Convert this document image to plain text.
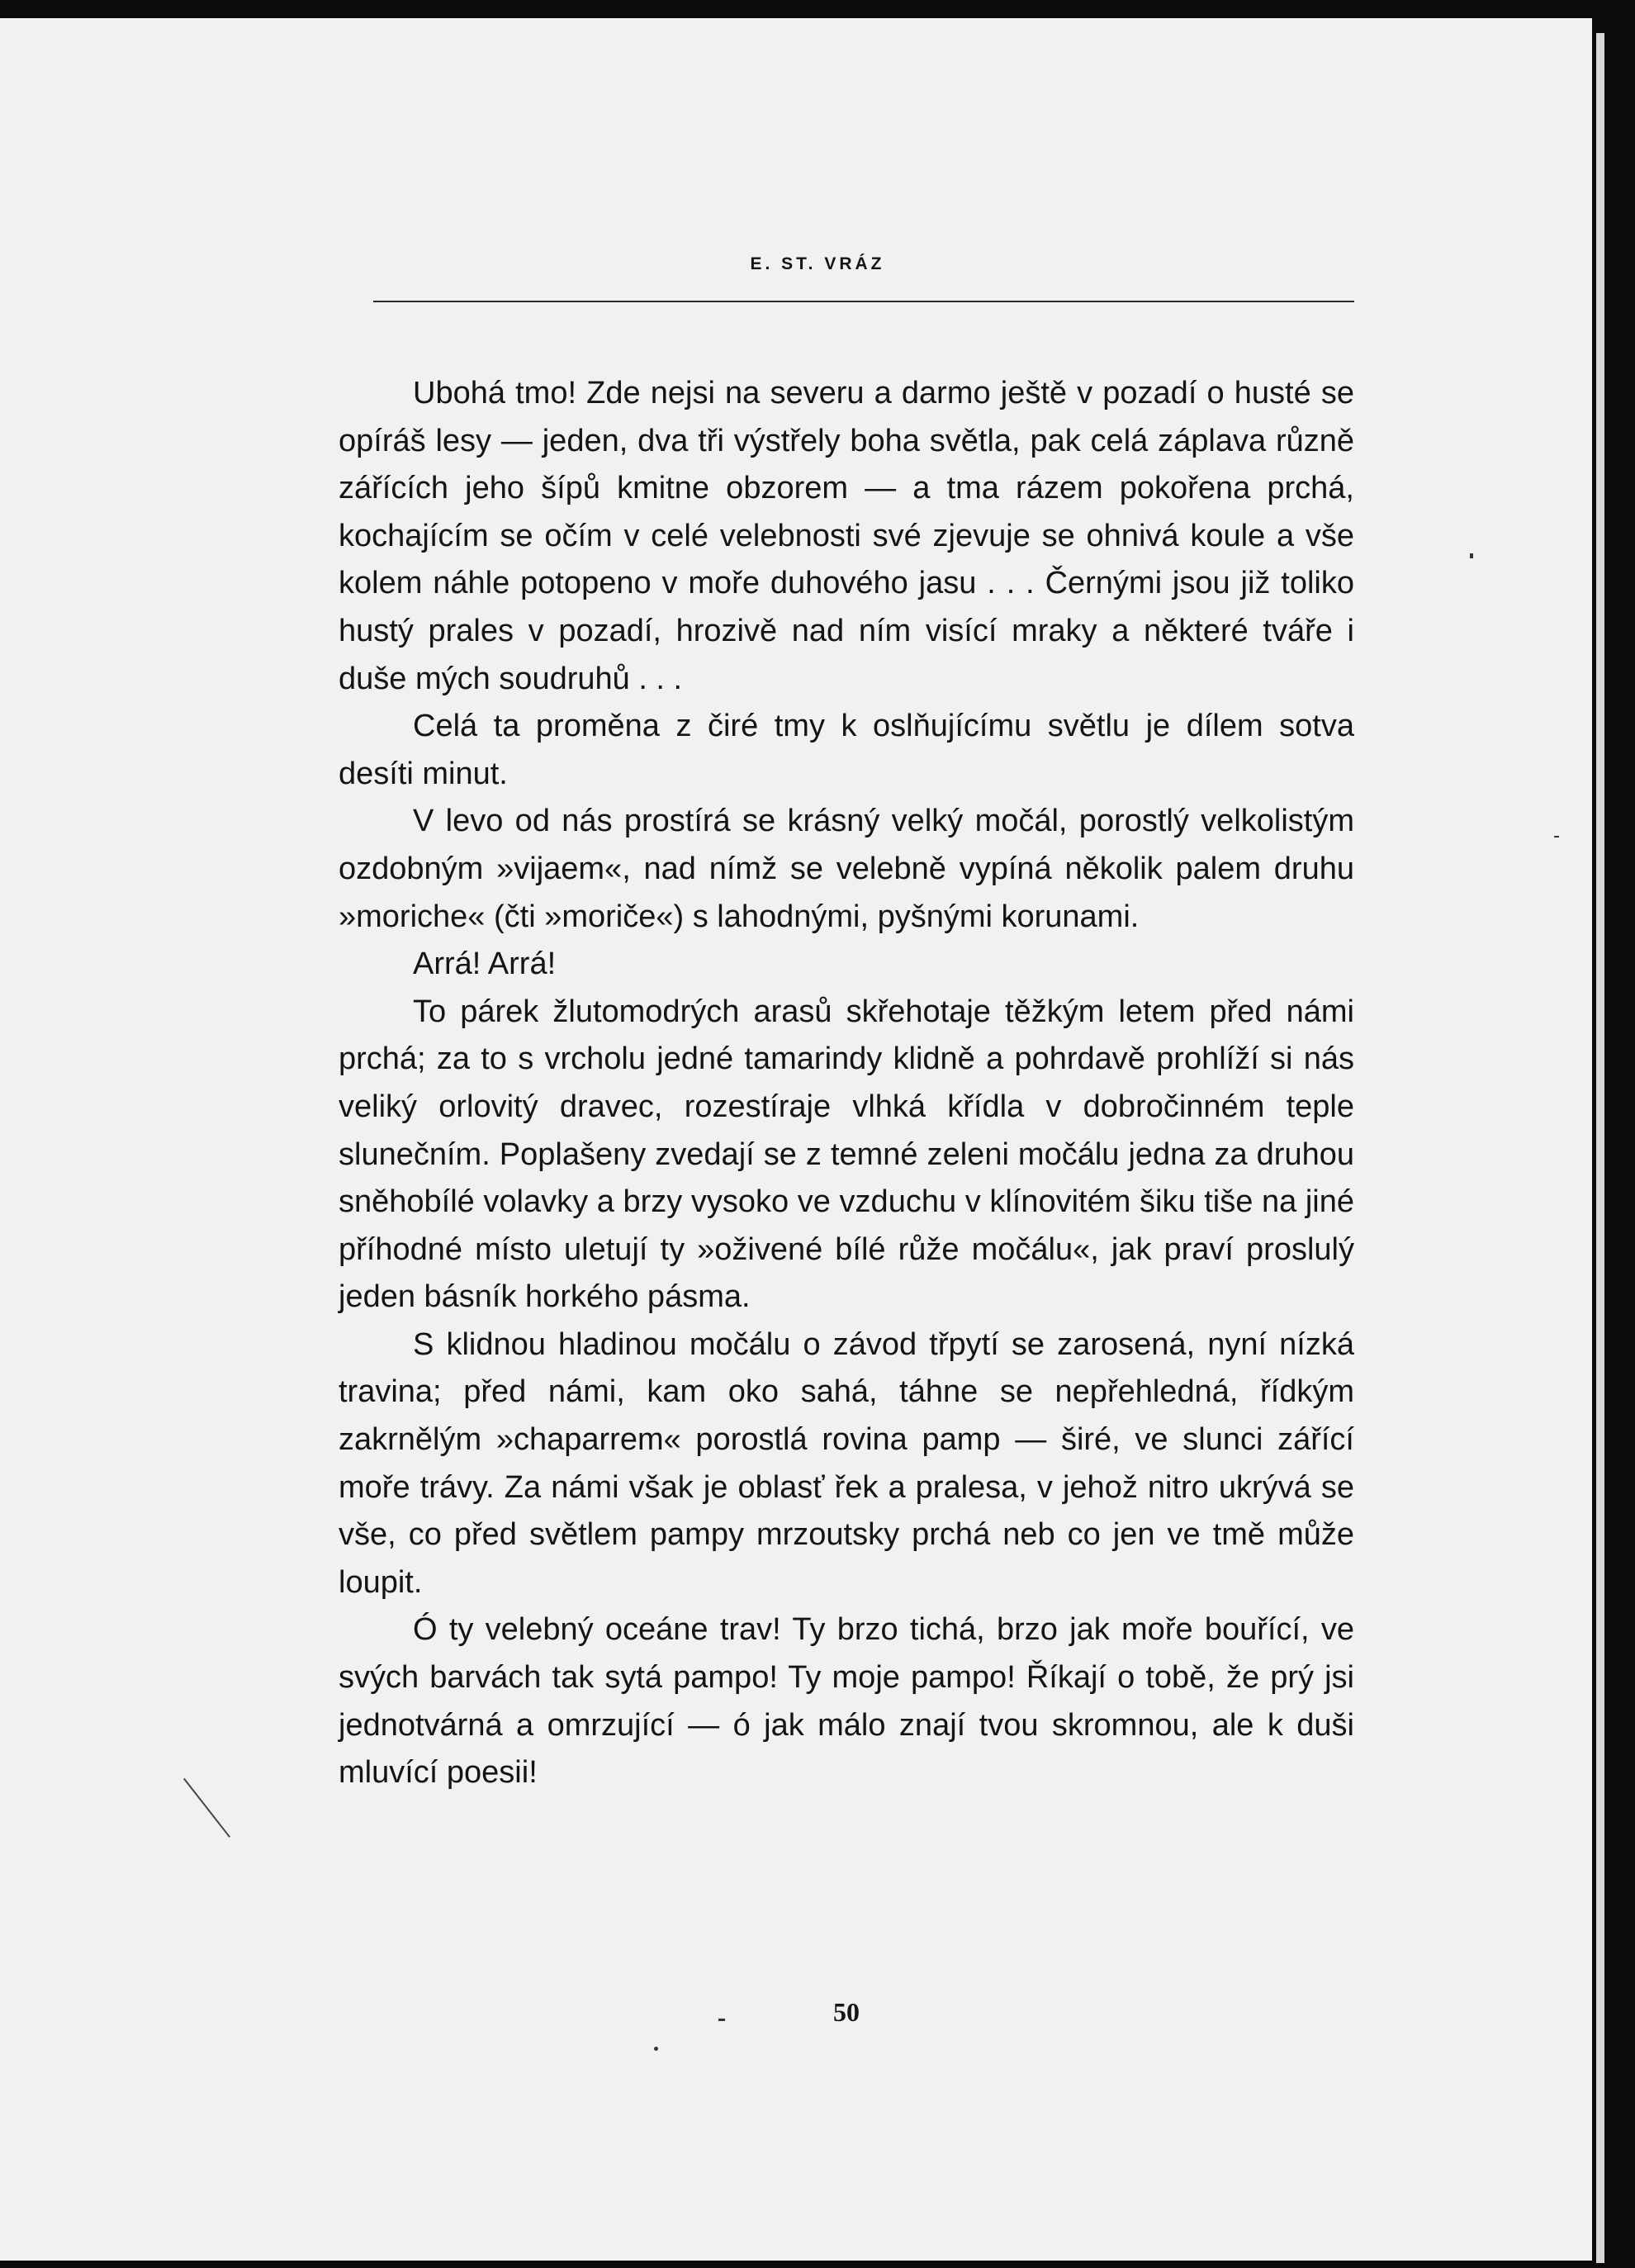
E. ST. VRÁZ

Ubohá tmo! Zde nejsi na severu a darmo ještě v pozadí o husté se opíráš lesy — jeden, dva tři výstřely boha světla, pak celá záplava různě zářících jeho šípů kmitne obzorem — a tma rázem pokořena prchá, kochajícím se očím v celé velebnosti své zjevuje se ohnivá koule a vše kolem náhle potopeno v moře duhového jasu . . . Černými jsou již toliko hustý prales v pozadí, hrozivě nad ním visící mraky a některé tváře i duše mých soudruhů . . .

Celá ta proměna z čiré tmy k oslňujícímu světlu je dílem sotva desíti minut.

V levo od nás prostírá se krásný velký močál, porostlý velkolistým ozdobným »vijaem«, nad nímž se velebně vypíná několik palem druhu »moriche« (čti »moriče«) s lahodnými, pyšnými korunami.

Arrá! Arrá!

To párek žlutomodrých arasů skřehotaje těžkým letem před námi prchá; za to s vrcholu jedné tamarindy klidně a pohrdavě prohlíží si nás veliký orlovitý dravec, rozestíraje vlhká křídla v dobročinném teple slunečním. Poplašeny zvedají se z temné zeleni močálu jedna za druhou sněhobílé volavky a brzy vysoko ve vzduchu v klínovitém šiku tiše na jiné příhodné místo uletují ty »oživené bílé růže močálu«, jak praví proslulý jeden básník horkého pásma.

S klidnou hladinou močálu o závod třpytí se zarosená, nyní nízká travina; před námi, kam oko sahá, táhne se nepřehledná, řídkým zakrnělým »chaparrem« porostlá rovina pamp — širé, ve slunci zářící moře trávy. Za námi však je oblasť řek a pralesa, v jehož nitro ukrývá se vše, co před světlem pampy mrzoutsky prchá neb co jen ve tmě může loupit.

Ó ty velebný oceáne trav! Ty brzo tichá, brzo jak moře bouřící, ve svých barvách tak sytá pampo! Ty moje pampo! Říkají o tobě, že prý jsi jednotvárná a omrzující — ó jak málo znají tvou skromnou, ale k duši mluvící poesii!

50
